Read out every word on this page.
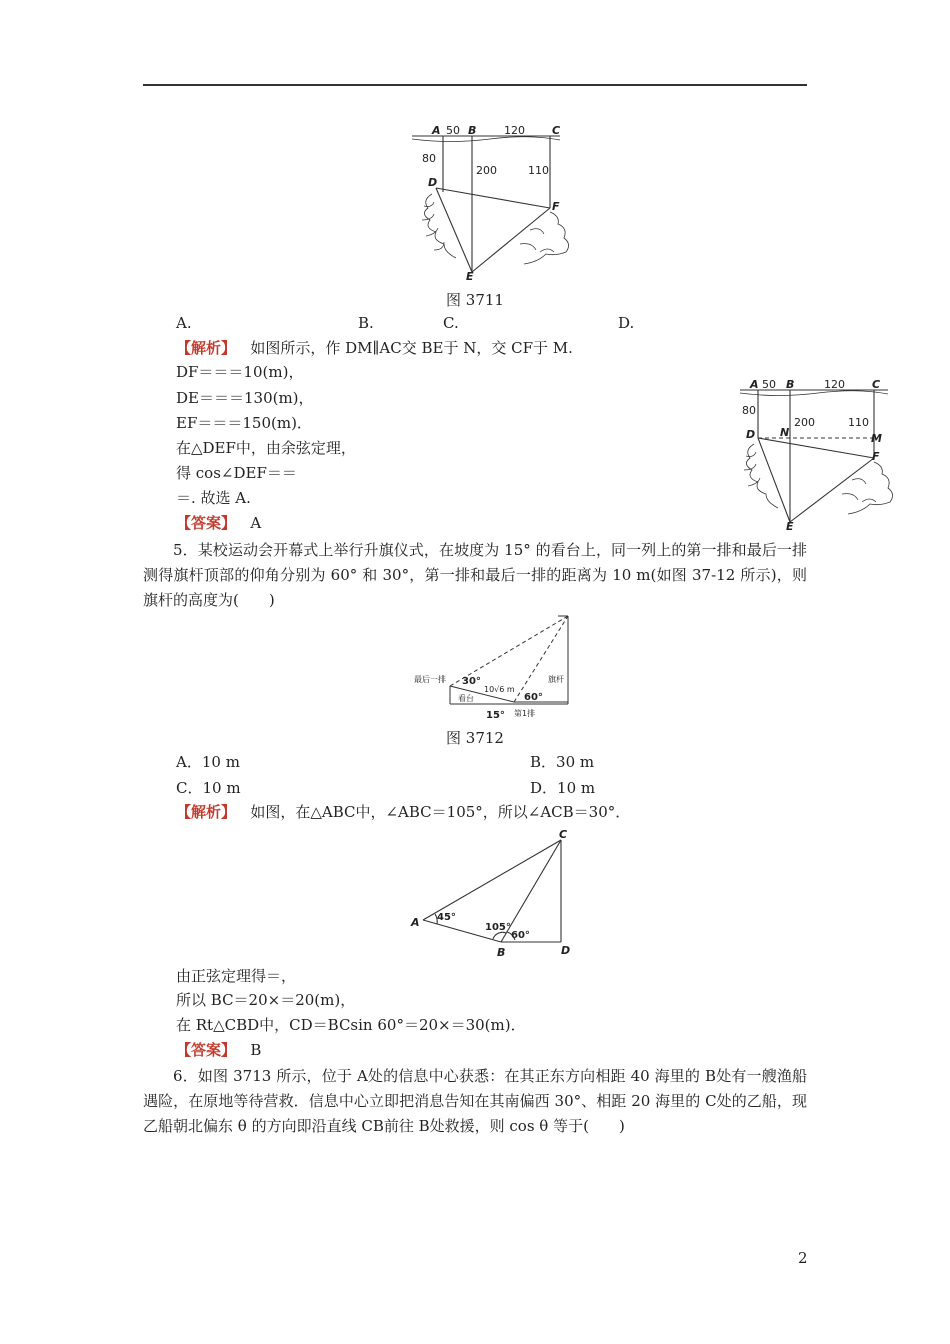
A B	C
D
E
F
50	120
80
200	110
图 3711
A.	B.	C.	D.
【解析】 如图所示，作 DM∥AC交 BE于 N，交 CF于 M.
DF＝＝＝10(m)，
DE＝＝＝130(m)，
EF＝＝＝150(m)．
在△DEF中，由余弦定理，
得 cos∠DEF＝＝
＝. 故选 A.
【答案】 A
A B	C
D N	M
F
E
50	120
80
200	110
5．某校运动会开幕式上举行升旗仪式，在坡度为 15° 的看台上，同一列上的第一排和最后一排测得旗杆顶部的仰角分别为 60° 和 30°，第一排和最后一排的距离为 10 m(如图 37-12 所示)，则旗杆的高度为(　　)
最后一排
第1排
看台
旗杆
10√6 m
30°
60°
15°
图 3712
A．10 m	B．30 m
C．10 m	D．10 m
【解析】 如图，在△ABC中，∠ABC＝105°，所以∠ACB＝30°．
A
B
C
D
45°
105°
60°
由正弦定理得＝，
所以 BC＝20×＝20(m)，
在 Rt△CBD中，CD＝BCsin 60°＝20×＝30(m)．
【答案】 B
6．如图 3713 所示，位于 A处的信息中心获悉：在其正东方向相距 40 海里的 B处有一艘渔船遇险，在原地等待营救．信息中心立即把消息告知在其南偏西 30°、相距 20 海里的 C处的乙船，现乙船朝北偏东 θ 的方向即沿直线 CB前往 B处救援，则 cos θ 等于(　　)
2
